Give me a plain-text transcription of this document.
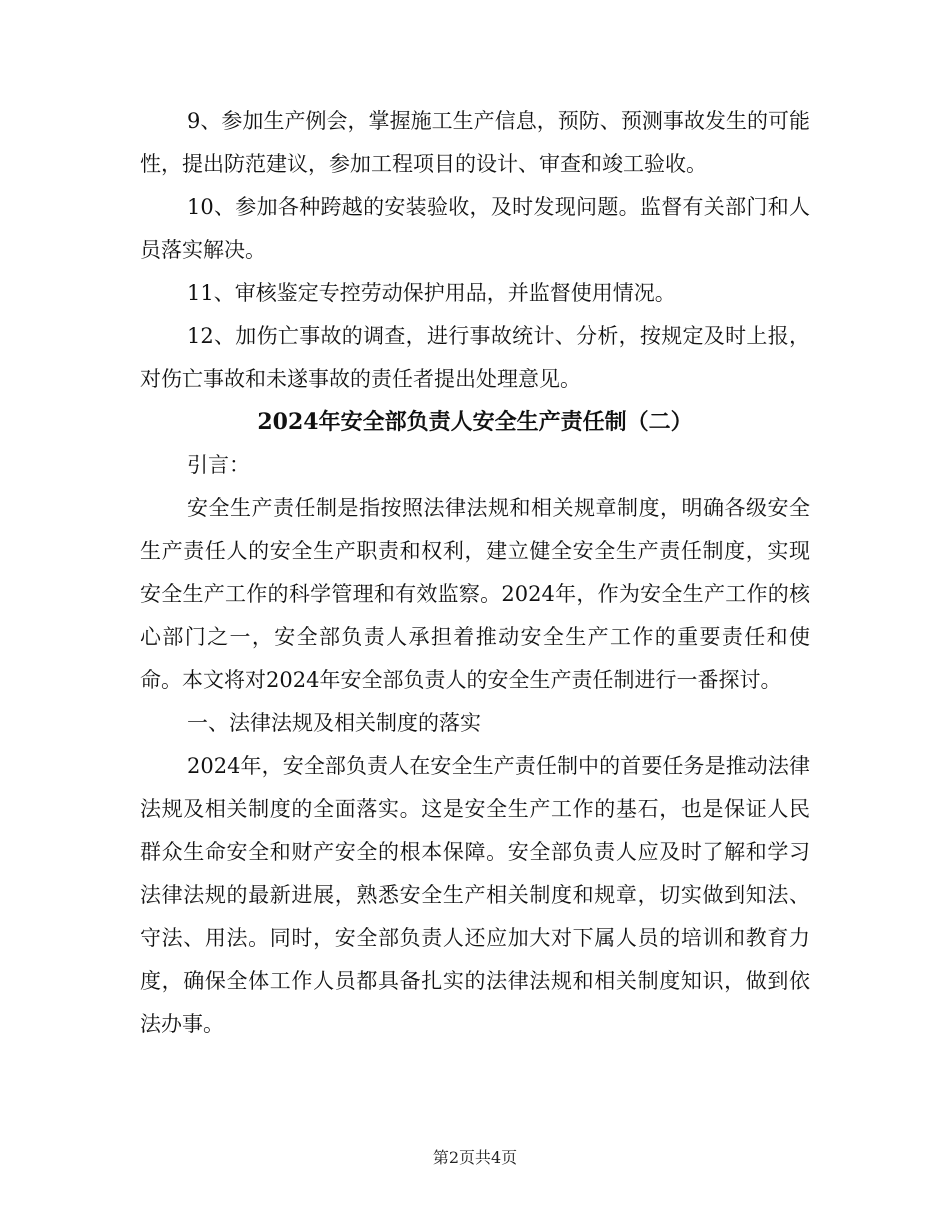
9、参加生产例会，掌握施工生产信息，预防、预测事故发生的可能性，提出防范建议，参加工程项目的设计、审查和竣工验收。

10、参加各种跨越的安装验收，及时发现问题。监督有关部门和人员落实解决。

11、审核鉴定专控劳动保护用品，并监督使用情况。

12、加伤亡事故的调查，进行事故统计、分析，按规定及时上报，对伤亡事故和未遂事故的责任者提出处理意见。

2024年安全部负责人安全生产责任制（二）

引言：

安全生产责任制是指按照法律法规和相关规章制度，明确各级安全生产责任人的安全生产职责和权利，建立健全安全生产责任制度，实现安全生产工作的科学管理和有效监察。2024年，作为安全生产工作的核心部门之一，安全部负责人承担着推动安全生产工作的重要责任和使命。本文将对2024年安全部负责人的安全生产责任制进行一番探讨。

一、法律法规及相关制度的落实

2024年，安全部负责人在安全生产责任制中的首要任务是推动法律法规及相关制度的全面落实。这是安全生产工作的基石，也是保证人民群众生命安全和财产安全的根本保障。安全部负责人应及时了解和学习法律法规的最新进展，熟悉安全生产相关制度和规章，切实做到知法、守法、用法。同时，安全部负责人还应加大对下属人员的培训和教育力度，确保全体工作人员都具备扎实的法律法规和相关制度知识，做到依法办事。

第2页共4页
